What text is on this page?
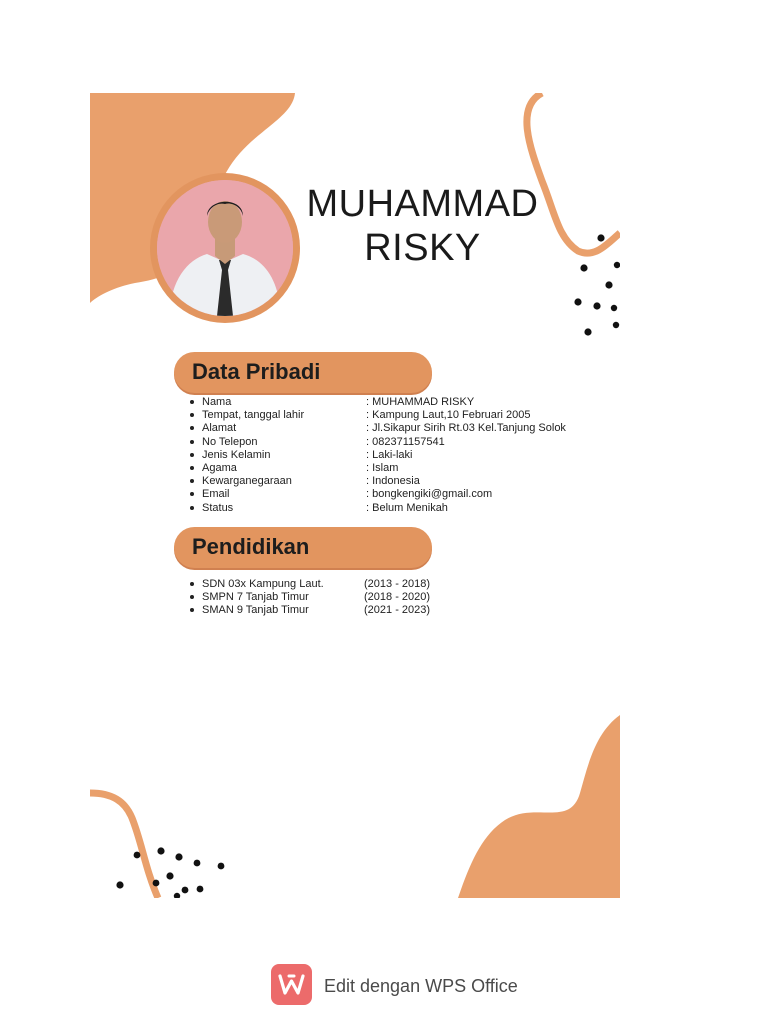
MUHAMMAD
RISKY
Data Pribadi
Nama	: MUHAMMAD RISKY
Tempat, tanggal lahir	: Kampung Laut,10 Februari 2005
Alamat	: Jl.Sikapur Sirih Rt.03 Kel.Tanjung Solok
No Telepon	: 082371157541
Jenis Kelamin	: Laki-laki
Agama	: Islam
Kewarganegaraan	: Indonesia
Email	: bongkengiki@gmail.com
Status	: Belum Menikah
Pendidikan
SDN 03x Kampung Laut.	(2013 - 2018)
SMPN 7 Tanjab Timur	(2018 - 2020)
SMAN 9 Tanjab Timur	(2021 - 2023)
Edit dengan WPS Office
